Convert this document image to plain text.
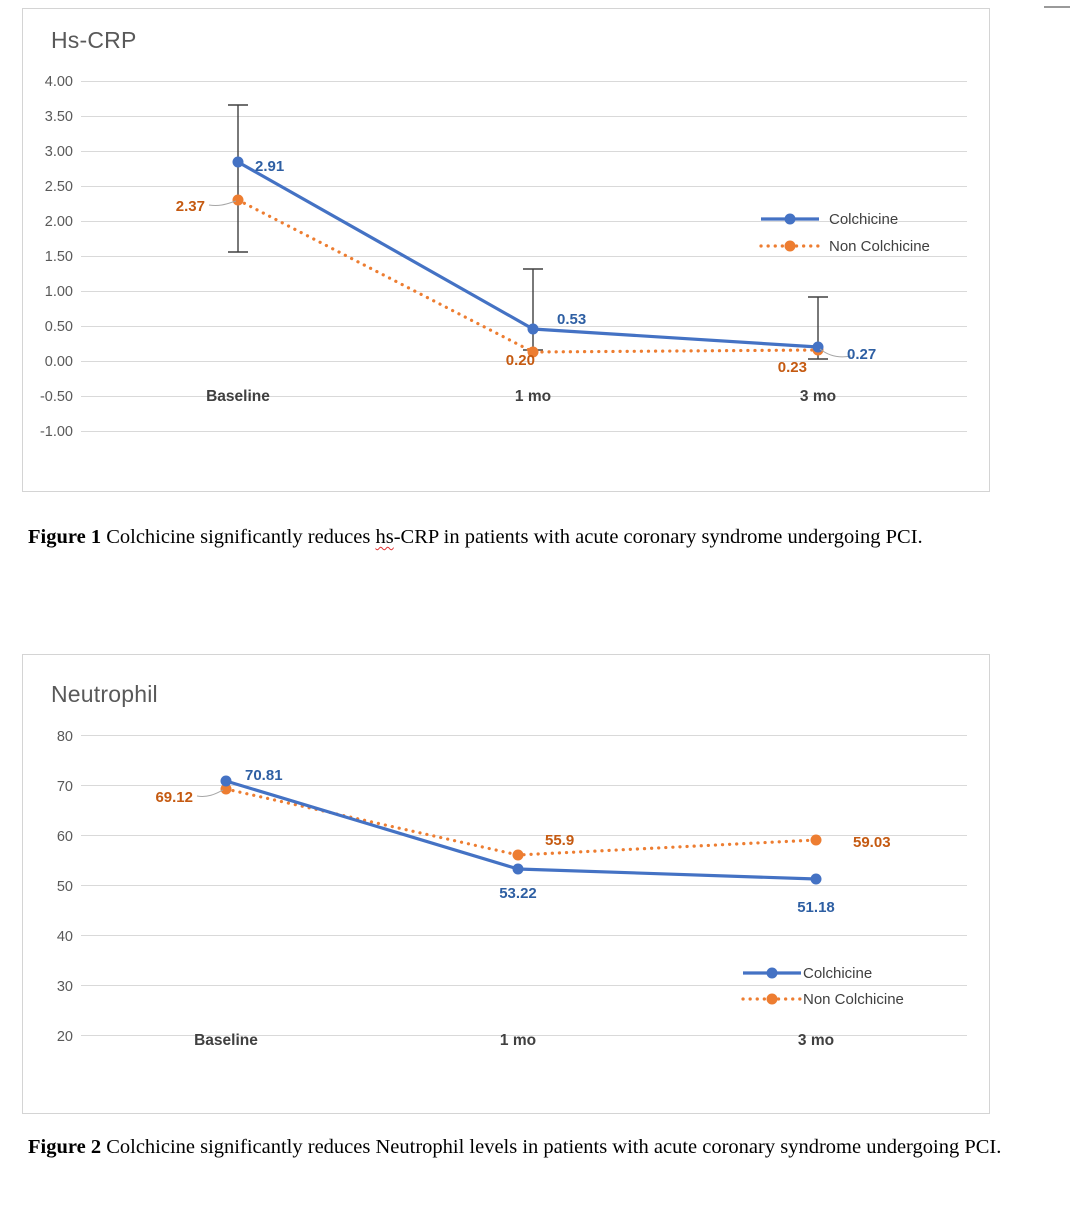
Hs-CRP
4.00
3.50
3.00
2.50
2.00
1.50
1.00
0.50
0.00
-0.50
-1.00
Baseline	1 mo	3 mo
2.91
2.37
0.53
0.20	0.27
0.23
Colchicine
Non Colchicine
Figure 1 Colchicine significantly reduces hs-CRP in patients with acute coronary syndrome undergoing PCI.
Neutrophil
80
70
60
50
40
30
20	Baseline	1 mo	3 mo
70.81
69.12
55.9
53.22
59.03
51.18
Colchicine
Non Colchicine
Figure 2 Colchicine significantly reduces Neutrophil levels in patients with acute coronary syndrome undergoing PCI.
